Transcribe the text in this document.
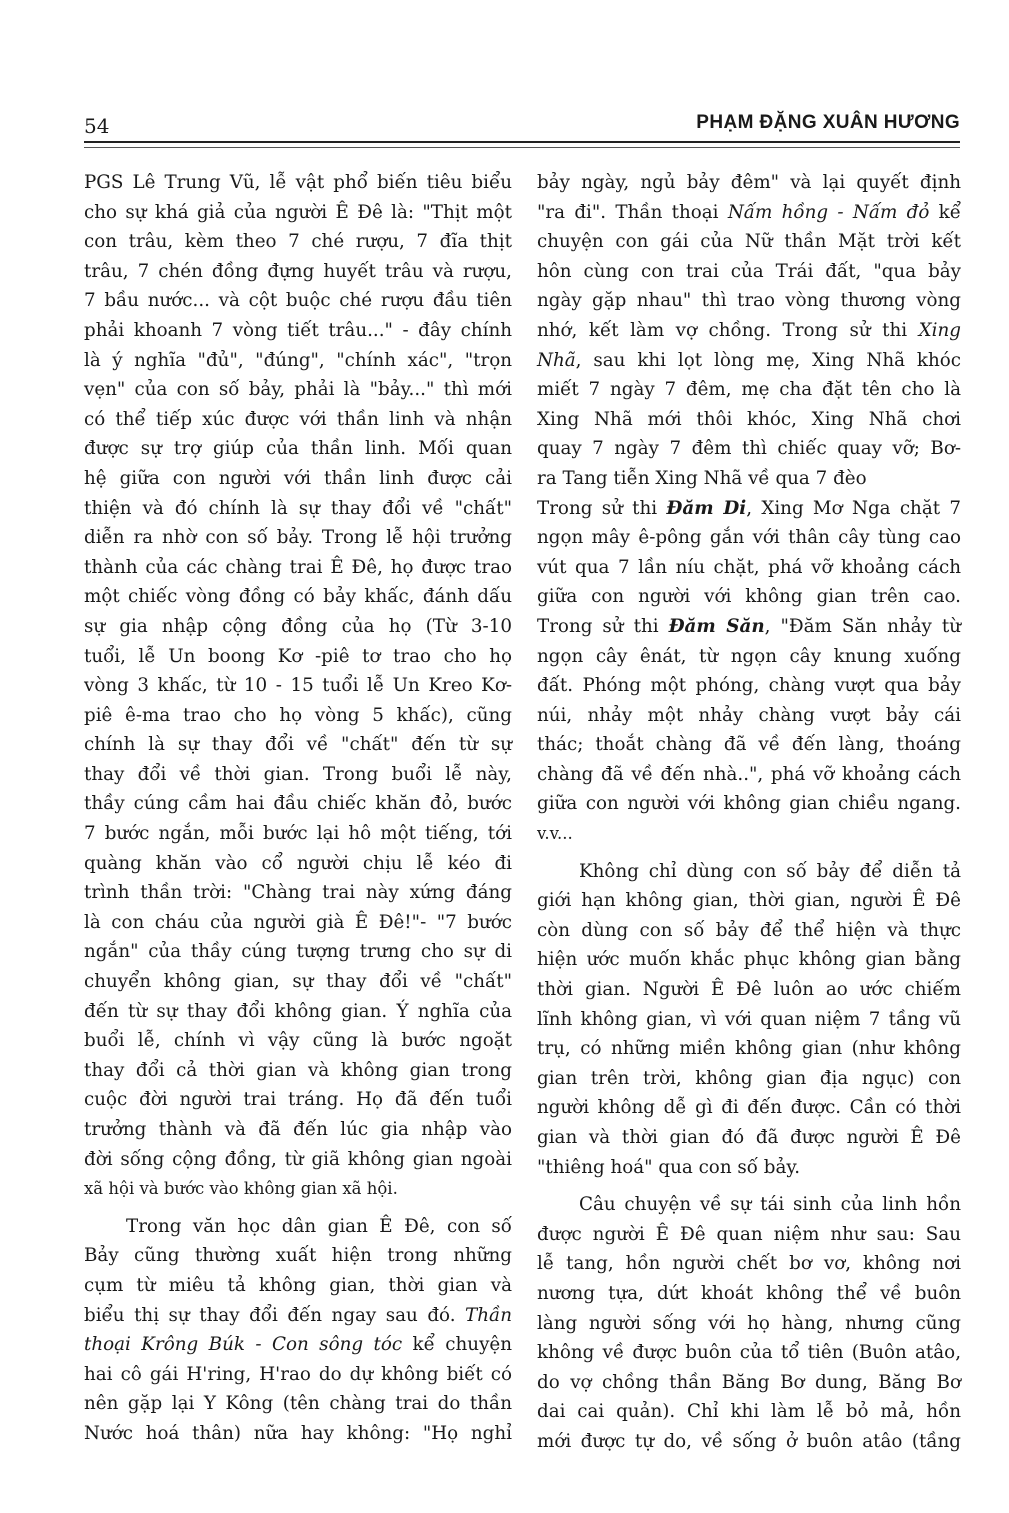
54	PHẠM ĐẶNG XUÂN HƯƠNG
PGS Lê Trung Vũ, lễ vật phổ biến tiêu biểu
cho sự khá giả của người Ê Đê là: "Thịt một
con trâu, kèm theo 7 ché rượu, 7 đĩa thịt
trâu, 7 chén đồng đựng huyết trâu và rượu,
7 bầu nước... và cột buộc ché rượu đầu tiên
phải khoanh 7 vòng tiết trâu..." - đây chính
là ý nghĩa "đủ", "đúng", "chính xác", "trọn
vẹn" của con số bảy, phải là "bảy..." thì mới
có thể tiếp xúc được với thần linh và nhận
được sự trợ giúp của thần linh. Mối quan
hệ giữa con người với thần linh được cải
thiện và đó chính là sự thay đổi về "chất"
diễn ra nhờ con số bảy. Trong lễ hội trưởng
thành của các chàng trai Ê Đê, họ được trao
một chiếc vòng đồng có bảy khấc, đánh dấu
sự gia nhập cộng đồng của họ (Từ 3-10
tuổi, lễ Un boong Kơ -piê tơ trao cho họ
vòng 3 khấc, từ 10 - 15 tuổi lễ Un Kreo Kơ-
piê ê-ma trao cho họ vòng 5 khấc), cũng
chính là sự thay đổi về "chất" đến từ sự
thay đổi về thời gian. Trong buổi lễ này,
thầy cúng cầm hai đầu chiếc khăn đỏ, bước
7 bước ngắn, mỗi bước lại hô một tiếng, tới
quàng khăn vào cổ người chịu lễ kéo đi
trình thần trời: "Chàng trai này xứng đáng
là con cháu của người già Ê Đê!"- "7 bước
ngắn" của thầy cúng tượng trưng cho sự di
chuyển không gian, sự thay đổi về "chất"
đến từ sự thay đổi không gian. Ý nghĩa của
buổi lễ, chính vì vậy cũng là bước ngoặt
thay đổi cả thời gian và không gian trong
cuộc đời người trai tráng. Họ đã đến tuổi
trưởng thành và đã đến lúc gia nhập vào
đời sống cộng đồng, từ giã không gian ngoài
xã hội và bước vào không gian xã hội.
Trong văn học dân gian Ê Đê, con số
Bảy cũng thường xuất hiện trong những
cụm từ miêu tả không gian, thời gian và
biểu thị sự thay đổi đến ngay sau đó. Thần
thoại Krông Búk - Con sông tóc kể chuyện
hai cô gái H'ring, H'rao do dự không biết có
nên gặp lại Y Kông (tên chàng trai do thần
Nước hoá thân) nữa hay không: "Họ nghỉ
bảy ngày, ngủ bảy đêm" và lại quyết định
"ra đi". Thần thoại Nấm hồng - Nấm đỏ kể
chuyện con gái của Nữ thần Mặt trời kết
hôn cùng con trai của Trái đất, "qua bảy
ngày gặp nhau" thì trao vòng thương vòng
nhớ, kết làm vợ chồng. Trong sử thi Xing
Nhã, sau khi lọt lòng mẹ, Xing Nhã khóc
miết 7 ngày 7 đêm, mẹ cha đặt tên cho là
Xing Nhã mới thôi khóc, Xing Nhã chơi
quay 7 ngày 7 đêm thì chiếc quay vỡ; Bơ-
ra Tang tiễn Xing Nhã về qua 7 đèo
Trong sử thi Đăm Di, Xing Mơ Nga chặt 7
ngọn mây ê-pông gắn với thân cây tùng cao
vút qua 7 lần níu chặt, phá vỡ khoảng cách
giữa con người với không gian trên cao.
Trong sử thi Đăm Săn, "Đăm Săn nhảy từ
ngọn cây ênát, từ ngọn cây knung xuống
đất. Phóng một phóng, chàng vượt qua bảy
núi, nhảy một nhảy chàng vượt bảy cái
thác; thoắt chàng đã về đến làng, thoáng
chàng đã về đến nhà..", phá vỡ khoảng cách
giữa con người với không gian chiều ngang.
v.v...
Không chỉ dùng con số bảy để diễn tả
giới hạn không gian, thời gian, người Ê Đê
còn dùng con số bảy để thể hiện và thực
hiện ước muốn khắc phục không gian bằng
thời gian. Người Ê Đê luôn ao ước chiếm
lĩnh không gian, vì với quan niệm 7 tầng vũ
trụ, có những miền không gian (như không
gian trên trời, không gian địa ngục) con
người không dễ gì đi đến được. Cần có thời
gian và thời gian đó đã được người Ê Đê
"thiêng hoá" qua con số bảy.
Câu chuyện về sự tái sinh của linh hồn
được người Ê Đê quan niệm như sau: Sau
lễ tang, hồn người chết bơ vơ, không nơi
nương tựa, dứt khoát không thể về buôn
làng người sống với họ hàng, nhưng cũng
không về được buôn của tổ tiên (Buôn atâo,
do vợ chồng thần Băng Bơ dung, Băng Bơ
dai cai quản). Chỉ khi làm lễ bỏ mả, hồn
mới được tự do, về sống ở buôn atâo (tầng
